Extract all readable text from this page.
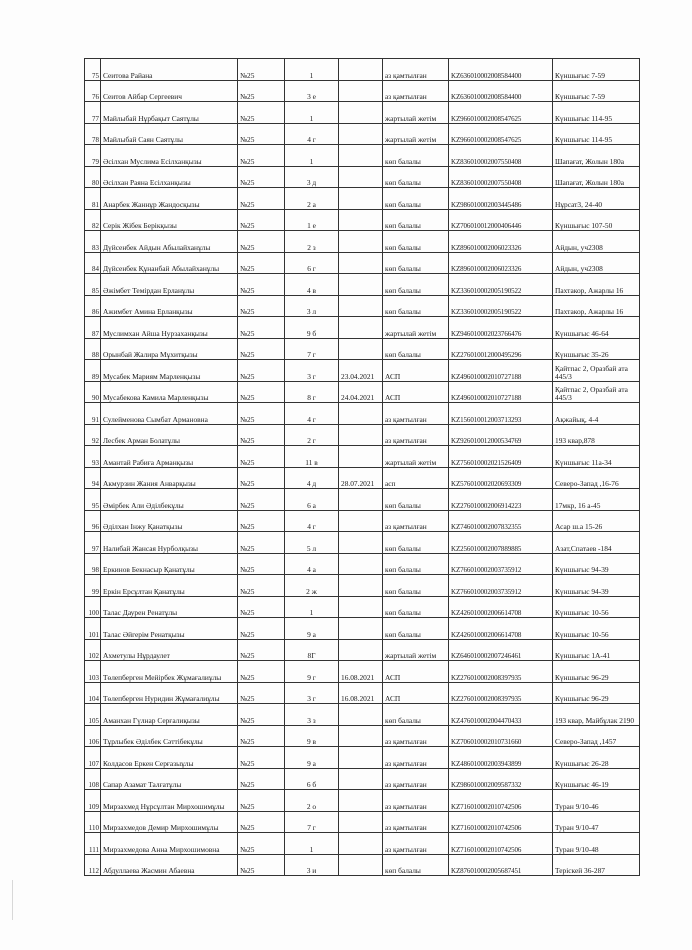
75	Сеитова Райана	№25	1		аз қамтылған	KZ636010002008584400	Күншығыс 7-59
76	Сеитов Айбар Сергеевич	№25	3 е		аз қамтылған	KZ636010002008584400	Күншығыс 7-59
77	Майлыбай Нұрбақыт Саятұлы	№25	1		жартылай жетім	KZ966010002008547625	Күншығыс 114-95
78	Майлыбай Саян Саятұлы	№25	4 г		жартылай жетім	KZ966010002008547625	Күншығыс 114-95
79	Әсілхан Муслима Есілханқызы	№25	1		көп балалы	KZ836010002007550408	Шапағат, Жолын 180а
80	Әсілхан Раяна Есілханқызы	№25	3 д		көп балалы	KZ836010002007550408	Шапағат, Жолын 180а
81	Анарбек Жаннұр Жандосқызы	№25	2 а		көп балалы	KZ986010002003445486	Нұрсат3, 24-40
82	Серік Жібек Берікқызы	№25	1 е		көп балалы	KZ706010012000406446	Күншығыс 107-50
83	Дүйсенбек Айдын Абылайханұлы	№25	2 з		көп балалы	KZ896010002006023326	Айдын, уч2308
84	Дүйсенбек Құнанбай Абылайханұлы	№25	6 г		көп балалы	KZ896010002006023326	Айдын, уч2308
85	Әжімбет Темірдан Ерланұлы	№25	4 в		көп балалы	KZ336010002005190522	Пахтакор, Ажарлы 16
86	Ажимбет Амина Ерланқызы	№25	3 л		көп балалы	KZ336010002005190522	Пахтакор, Ажарлы 16
87	Муслимхан Айша Нурзаханқызы	№25	9 б		жартылай жетім	KZ946010002023766476	Күншығыс 46-64
88	Орынбай Жалира Мұхитқызы	№25	7 г		көп балалы	KZ276010012000495296	Күншығыс 35-26
89	Мусабек Мариям Марленқызы	№25	3 г	23.04.2021	АСП	KZ496010002010727188	Қайтпас 2, Оразбай ата 445/3
90	Мусабекова Камила Марленқызы	№25	8 г	24.04.2021	АСП	KZ496010002010727188	Қайтпас 2, Оразбай ата 445/3
91	Сулейменова Сымбат Армановна	№25	4 г		аз қамтылған	KZ156010012003713293	Ақжайық, 4-4
92	Лесбек Арман Болатұлы	№25	2 г		аз қамтылған	KZ926010012000534769	193 квар,878
93	Амантай Рабиға Арманқызы	№25	11 в		жартылай жетім	KZ756010002021526409	Күншығыс 11а-34
94	Акмурзин Жания Анварқызы	№25	4 д	28.07.2021	асп	KZ576010002020693309	Северо-Запад ,16-76
95	Әмірбек Али Әділбекұлы	№25	6 а		көп балалы	KZ276010002006914223	17мкр, 16 а-45
96	Әділхан Інжу Қанатқызы	№25	4 г		аз қамтылған	KZ746010002007832355	Асар ш.а 15-26
97	Налибай Жансая Нурболқызы	№25	5 л		көп балалы	KZ256010002007889885	Азат,Спатаев -184
98	Еркинов Бекнасыр Қанатұлы	№25	4 а		көп балалы	KZ766010002003735912	Күншығыс 94-39
99	Еркін Ерсұлтан Қанатұлы	№25	2 ж		көп балалы	KZ766010002003735912	Күншығыс 94-39
100	Талас Даурен Ренатұлы	№25	1		көп балалы	KZ426010002006614708	Күншығыс 10-56
101	Талас Әйгерім Ренатқызы	№25	9 а		көп балалы	KZ426010002006614708	Күншығыс 10-56
102	Ахметулы Нұрдаулет	№25	8Г		жартылай жетім	KZ646010002007246461	Күншығыс 1А-41
103	Төлепберген Мейірбек Жұмағалиұлы	№25	9 г	16.08.2021	АСП	KZ276010002008397935	Күншығыс 96-29
104	Төлепберген Нуридин Жұмағалиұлы	№25	3 г	16.08.2021	АСП	KZ276010002008397935	Күншығыс 96-29
105	Аманхан Гүлнар Серғалиқызы	№25	3 з		көп балалы	KZ476010002004470433	193 квар, Майбұлак 2190
106	Тұрлыбек Әділбек Сәттібекұлы	№25	9 в		аз қамтылған	KZ706010002010731660	Северо-Запад ,1457
107	Колдасов Еркен Серғазыұлы	№25	9 а		аз қамтылған	KZ486010002003943899	Күншығыс 26-28
108	Сапар Азамат Талғатұлы	№25	6 б		аз қамтылған	KZ986010002009587332	Күншығыс 46-19
109	Мирзахмед Нұрсұлтан Мирхошимұлы	№25	2 о		аз қамтылған	KZ716010002010742506	Туран 9/10-46
110	Мирзахмедов Демир Мирхошимұлы	№25	7 г		аз қамтылған	KZ716010002010742506	Туран 9/10-47
111	Мирзахмедова Анна Мирхошимовна	№25	1		аз қамтылған	KZ716010002010742506	Туран 9/10-48
112	Абдуллаева Жасмин Абаевна	№25	3 и		көп балалы	KZ876010002005687451	Терiскей 36-287
